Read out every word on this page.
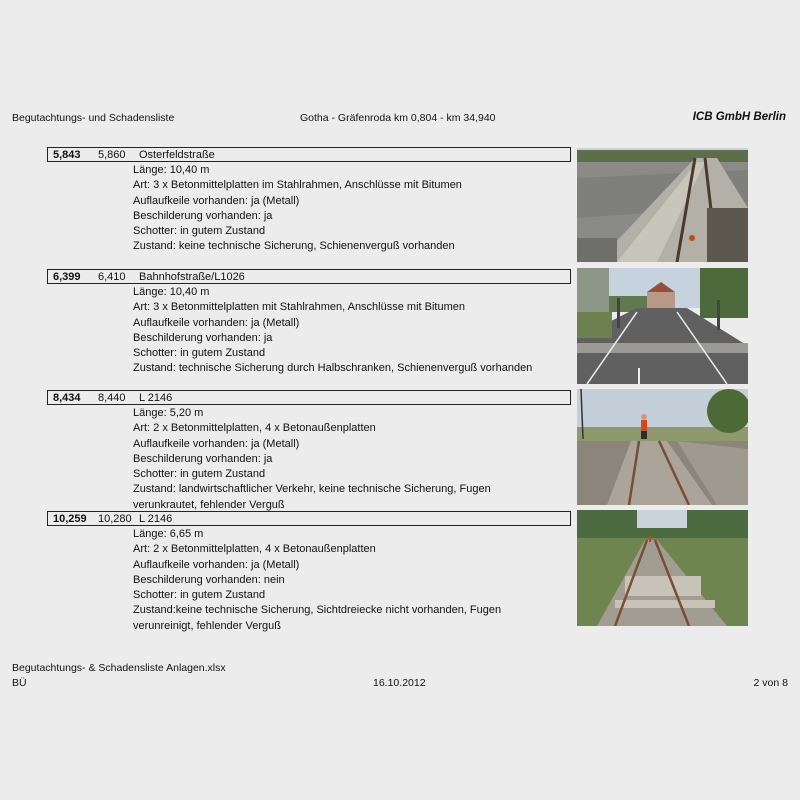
Begutachtungs- und Schadensliste	Gotha - Gräfenroda km 0,804 - km 34,940	ICB GmbH Berlin
5,843	5,860	Osterfeldstraße
Länge: 10,40 m
Art: 3 x Betonmittelplatten im Stahlrahmen, Anschlüsse mit Bitumen
Auflaufkeile vorhanden: ja (Metall)
Beschilderung vorhanden: ja
Schotter: in gutem Zustand
Zustand: keine technische Sicherung, Schienenverguß vorhanden
6,399	6,410	Bahnhofstraße/L1026
Länge: 10,40 m
Art: 3 x Betonmittelplatten mit Stahlrahmen, Anschlüsse mit Bitumen
Auflaufkeile vorhanden: ja (Metall)
Beschilderung vorhanden: ja
Schotter: in gutem Zustand
Zustand: technische Sicherung durch Halbschranken, Schienenverguß vorhanden
8,434	8,440	L 2146
Länge: 5,20 m
Art: 2 x Betonmittelplatten, 4 x Betonaußenplatten
Auflaufkeile vorhanden: ja (Metall)
Beschilderung vorhanden: ja
Schotter: in gutem Zustand
Zustand: landwirtschaftlicher Verkehr, keine technische Sicherung, Fugen
verunkrautet, fehlender Verguß
10,259	10,280 L 2146
Länge: 6,65 m
Art: 2 x Betonmittelplatten, 4 x Betonaußenplatten
Auflaufkeile vorhanden: ja (Metall)
Beschilderung vorhanden: nein
Schotter: in gutem Zustand
Zustand:keine technische Sicherung, Sichtdreiecke nicht vorhanden, Fugen
verunreinigt, fehlender Verguß
Begutachtungs- & Schadensliste Anlagen.xlsx
BÜ	16.10.2012	2 von 8
